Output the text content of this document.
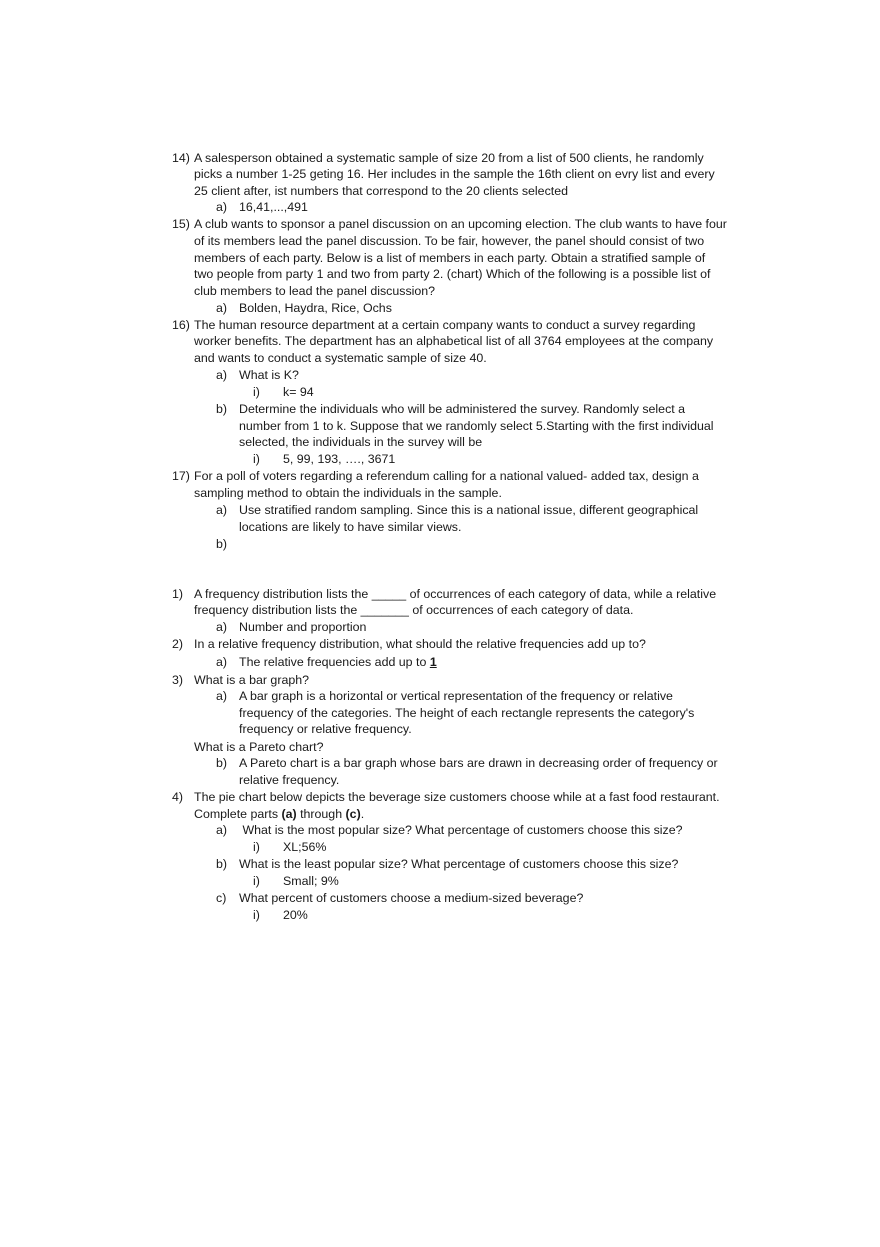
14) A salesperson obtained a systematic sample of size 20 from a list of 500 clients, he randomly
picks a number 1-25 geting 16. Her includes in the sample the 16th client on evry list and every
25 client after, ist numbers that correspond to the 20 clients selected
a) 16,41,...,491
15) A club wants to sponsor a panel discussion on an upcoming election. The club wants to have four
of its members lead the panel discussion. To be fair, however, the panel should consist of two
members of each party. Below is a list of members in each party. Obtain a stratified sample of
two people from party 1 and two from party 2. (chart) Which of the following is a possible list of
club members to lead the panel discussion?
a) Bolden, Haydra, Rice, Ochs
16) The human resource department at a certain company wants to conduct a survey regarding
worker benefits. The department has an alphabetical list of all 3764 employees at the company
and wants to conduct a systematic sample of size 40.
a) What is K?
i) k= 94
b) Determine the individuals who will be administered the survey. Randomly select a
number from 1 to k. Suppose that we randomly select 5.Starting with the first individual
selected, the individuals in the survey will be
i) 5, 99, 193, …., 3671
17) For a poll of voters regarding a referendum calling for a national valued- added tax, design a
sampling method to obtain the individuals in the sample.
a) Use stratified random sampling. Since this is a national issue, different geographical
locations are likely to have similar views.
b)
1) A frequency distribution lists the _____ of occurrences of each category of data, while a relative
frequency distribution lists the _______ of occurrences of each category of data.
a) Number and proportion
2) In a relative frequency distribution, what should the relative frequencies add up to?
a) The relative frequencies add up to 1
3) What is a bar graph?
a) A bar graph is a horizontal or vertical representation of the frequency or relative
frequency of the categories. The height of each rectangle represents the category's
frequency or relative frequency.
What is a Pareto chart?
b) A Pareto chart is a bar graph whose bars are drawn in decreasing order of frequency or
relative frequency.
4) The pie chart below depicts the beverage size customers choose while at a fast food restaurant.
Complete parts (a) through (c).
a) What is the most popular size? What percentage of customers choose this size?
i) XL;56%
b) What is the least popular size? What percentage of customers choose this size?
i) Small; 9%
c) What percent of customers choose a medium-sized beverage?
i) 20%
